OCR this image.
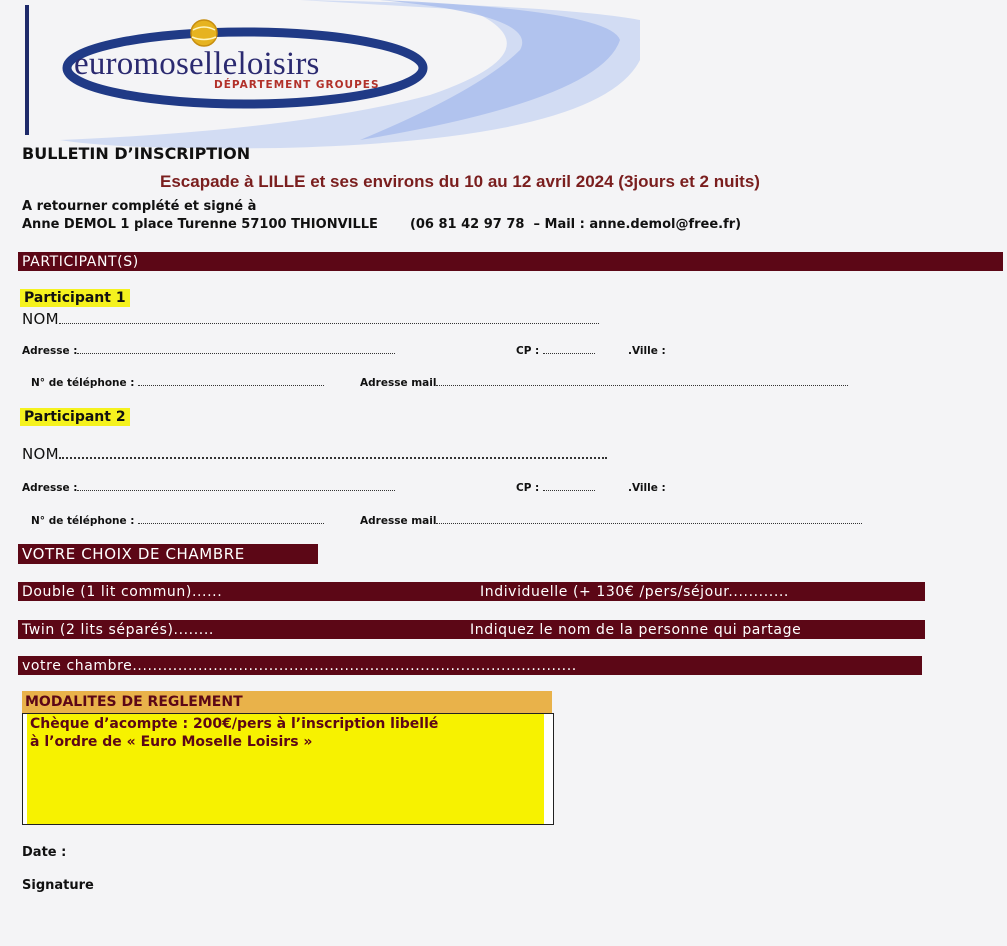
euromoselleloisirs
DÉPARTEMENT GROUPES
BULLETIN D’INSCRIPTION
Escapade à LILLE et ses environs du 10 au 12 avril 2024 (3jours et 2 nuits)
A retourner complété et signé à
Anne DEMOL 1 place Turenne 57100 THIONVILLE (06 81 42 97 78  – Mail : anne.demol@free.fr)
PARTICIPANT(S)
Participant 1
NOM
Adresse :	CP :	.Ville :
N° de téléphone :	Adresse mail
Participant 2
NOM
Adresse :	CP :	.Ville :
N° de téléphone :	Adresse mail
VOTRE CHOIX DE CHAMBRE
Double (1 lit commun)......	Individuelle (+ 130€ /pers/séjour............
Twin (2 lits séparés)........	Indiquez le nom de la personne qui partage
votre chambre........................................................................................
MODALITES DE REGLEMENT
Chèque d’acompte : 200€/pers à l’inscription libellé
à l’ordre de « Euro Moselle Loisirs »
Date :
Signature
